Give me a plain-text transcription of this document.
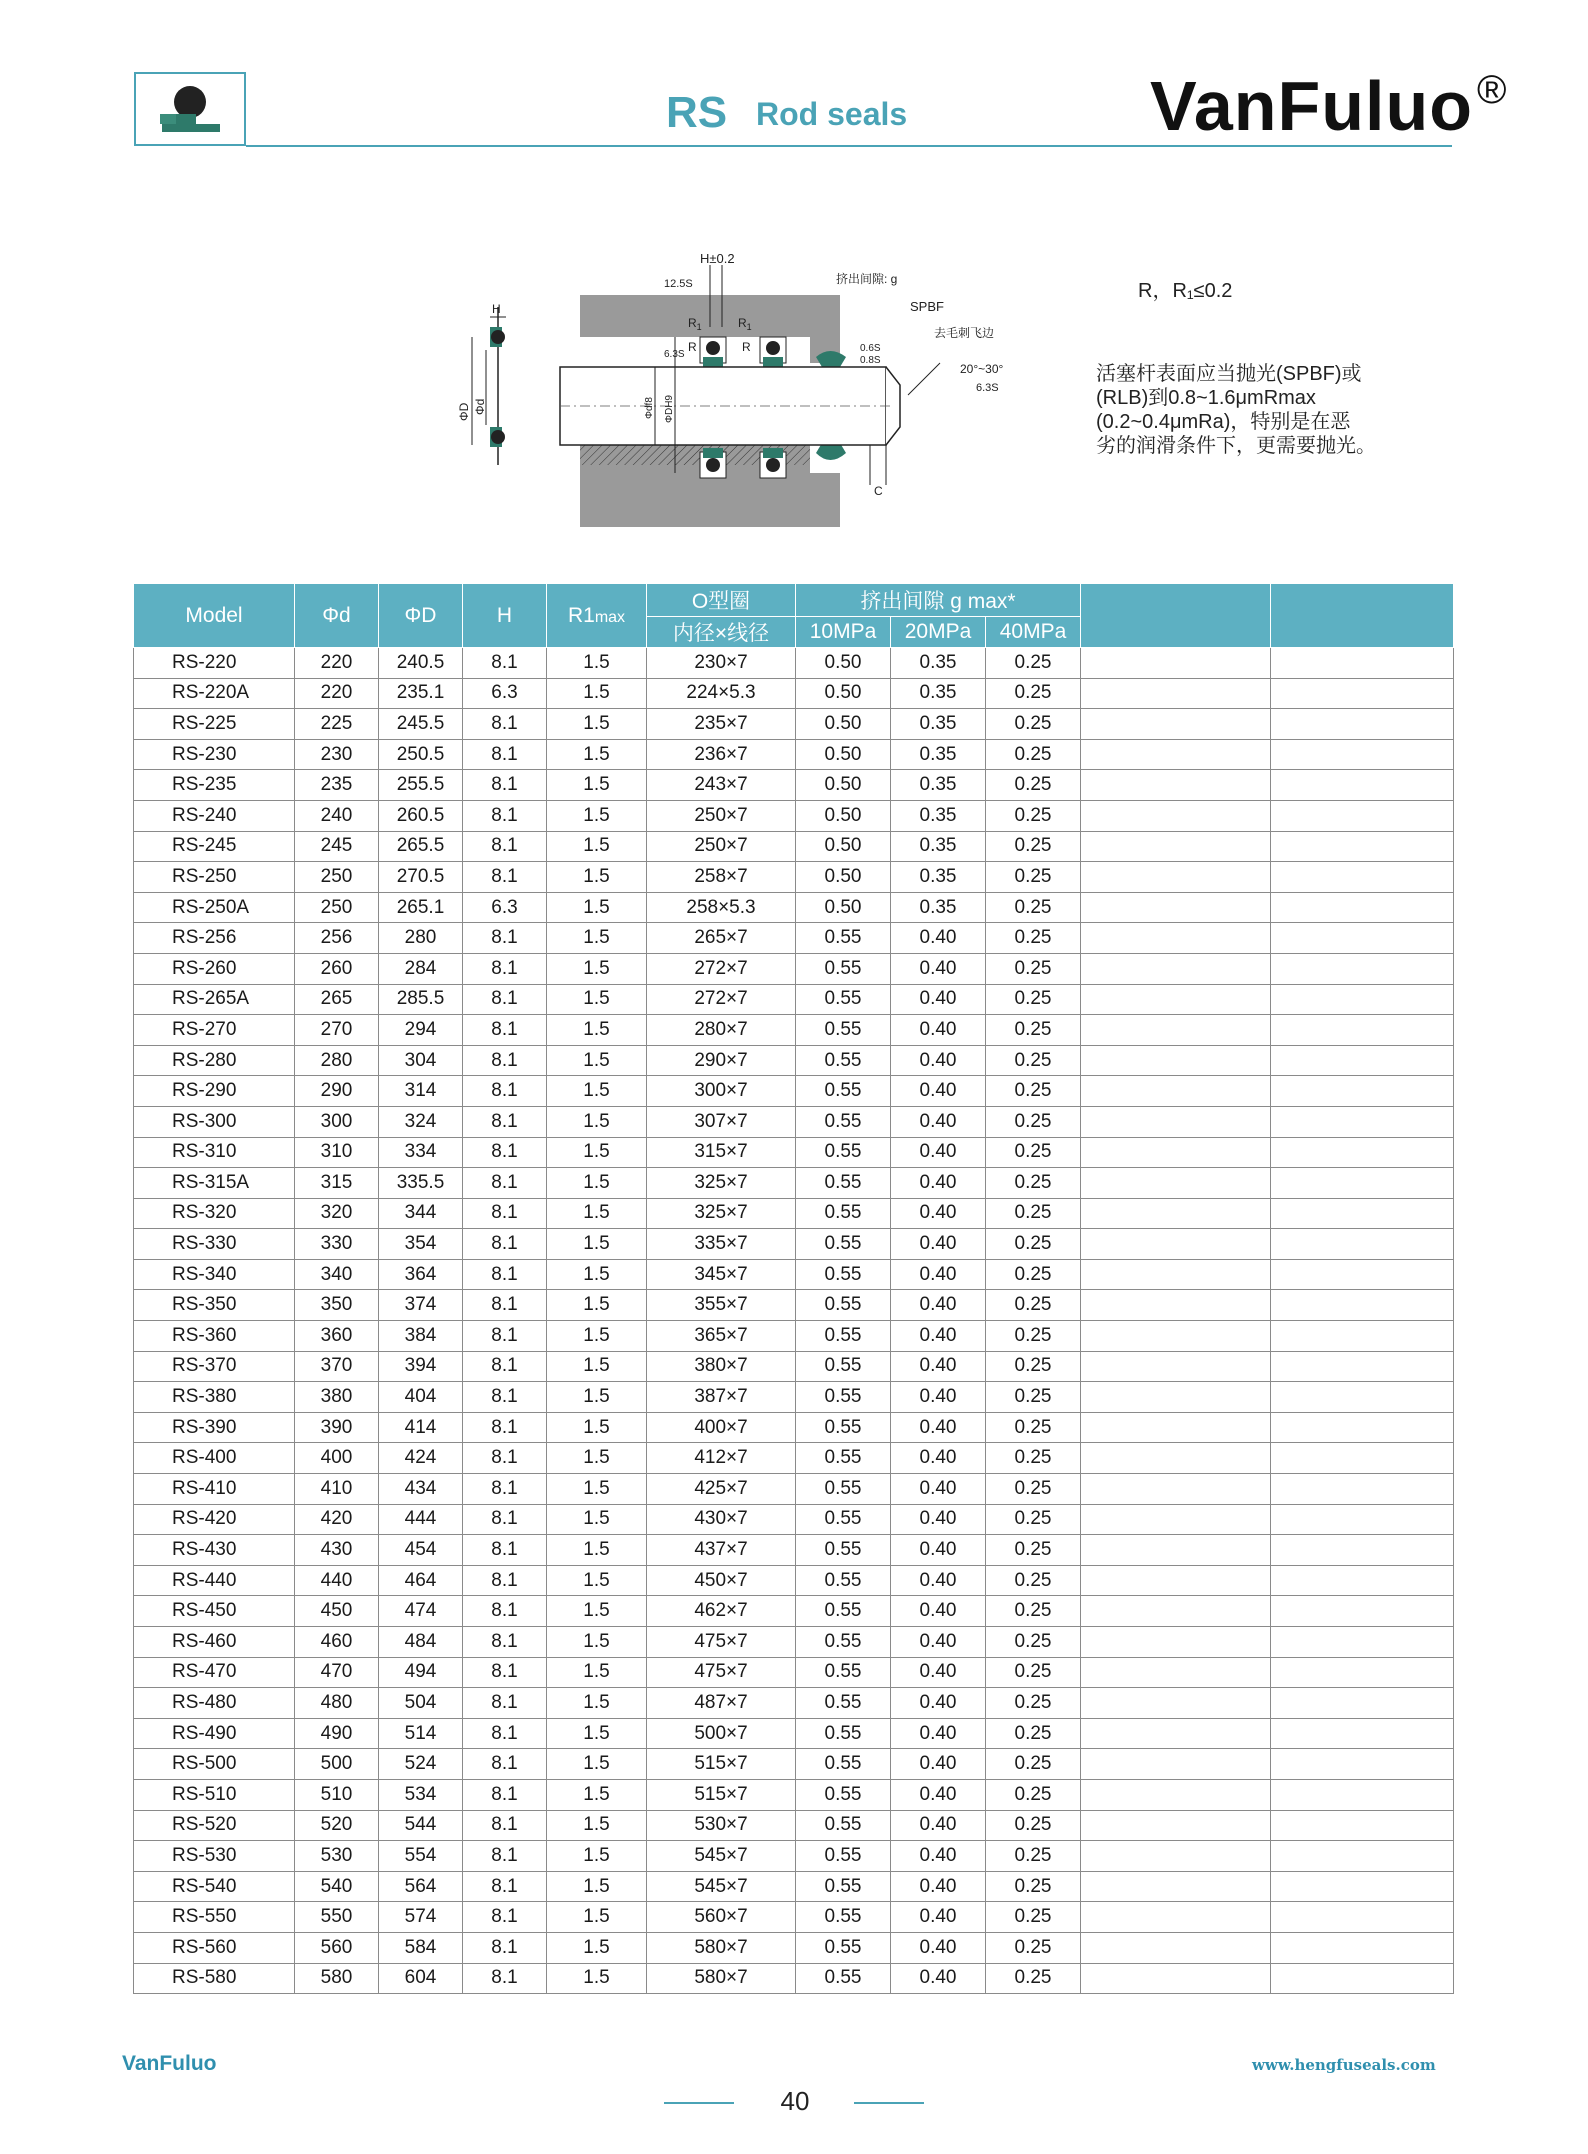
RS Rod seals	VanFuluo ®
H±0.2
12.5S	挤出间隙: g
SPBF
去毛刺飞边
$R_1$	$R_1$
R	R
6.3S
0.6S
0.8S
20°~30°
6.3S
C
H
ΦD Φd	Φdf8 ΦDH9
R，R₁≤0.2
活塞杆表面应当抛光(SPBF)或
(RLB)到0.8~1.6μmRmax
(0.2~0.4μmRa)，特别是在恶
劣的润滑条件下，更需要抛光。
Model	Φd	ΦD	H	R1max	O型圈	挤出间隙 g max*				
					内径×线径	10MPa	20MPa	40MPa		
RS-220	220	240.5	8.1	1.5	230×7	0.50	0.35	0.25		
RS-220A	220	235.1	6.3	1.5	224×5.3	0.50	0.35	0.25		
RS-225	225	245.5	8.1	1.5	235×7	0.50	0.35	0.25		
RS-230	230	250.5	8.1	1.5	236×7	0.50	0.35	0.25		
RS-235	235	255.5	8.1	1.5	243×7	0.50	0.35	0.25		
RS-240	240	260.5	8.1	1.5	250×7	0.50	0.35	0.25		
RS-245	245	265.5	8.1	1.5	250×7	0.50	0.35	0.25		
RS-250	250	270.5	8.1	1.5	258×7	0.50	0.35	0.25		
RS-250A	250	265.1	6.3	1.5	258×5.3	0.50	0.35	0.25		
RS-256	256	280	8.1	1.5	265×7	0.55	0.40	0.25		
RS-260	260	284	8.1	1.5	272×7	0.55	0.40	0.25		
RS-265A	265	285.5	8.1	1.5	272×7	0.55	0.40	0.25		
RS-270	270	294	8.1	1.5	280×7	0.55	0.40	0.25		
RS-280	280	304	8.1	1.5	290×7	0.55	0.40	0.25		
RS-290	290	314	8.1	1.5	300×7	0.55	0.40	0.25		
RS-300	300	324	8.1	1.5	307×7	0.55	0.40	0.25		
RS-310	310	334	8.1	1.5	315×7	0.55	0.40	0.25		
RS-315A	315	335.5	8.1	1.5	325×7	0.55	0.40	0.25		
RS-320	320	344	8.1	1.5	325×7	0.55	0.40	0.25		
RS-330	330	354	8.1	1.5	335×7	0.55	0.40	0.25		
RS-340	340	364	8.1	1.5	345×7	0.55	0.40	0.25		
RS-350	350	374	8.1	1.5	355×7	0.55	0.40	0.25		
RS-360	360	384	8.1	1.5	365×7	0.55	0.40	0.25		
RS-370	370	394	8.1	1.5	380×7	0.55	0.40	0.25		
RS-380	380	404	8.1	1.5	387×7	0.55	0.40	0.25		
RS-390	390	414	8.1	1.5	400×7	0.55	0.40	0.25		
RS-400	400	424	8.1	1.5	412×7	0.55	0.40	0.25		
RS-410	410	434	8.1	1.5	425×7	0.55	0.40	0.25		
RS-420	420	444	8.1	1.5	430×7	0.55	0.40	0.25		
RS-430	430	454	8.1	1.5	437×7	0.55	0.40	0.25		
RS-440	440	464	8.1	1.5	450×7	0.55	0.40	0.25		
RS-450	450	474	8.1	1.5	462×7	0.55	0.40	0.25		
RS-460	460	484	8.1	1.5	475×7	0.55	0.40	0.25		
RS-470	470	494	8.1	1.5	475×7	0.55	0.40	0.25		
RS-480	480	504	8.1	1.5	487×7	0.55	0.40	0.25		
RS-490	490	514	8.1	1.5	500×7	0.55	0.40	0.25		
RS-500	500	524	8.1	1.5	515×7	0.55	0.40	0.25		
RS-510	510	534	8.1	1.5	515×7	0.55	0.40	0.25		
RS-520	520	544	8.1	1.5	530×7	0.55	0.40	0.25		
RS-530	530	554	8.1	1.5	545×7	0.55	0.40	0.25		
RS-540	540	564	8.1	1.5	545×7	0.55	0.40	0.25		
RS-550	550	574	8.1	1.5	560×7	0.55	0.40	0.25		
RS-560	560	584	8.1	1.5	580×7	0.55	0.40	0.25		
RS-580	580	604	8.1	1.5	580×7	0.55	0.40	0.25		
VanFuluo	www.hengfuseals.com
40
